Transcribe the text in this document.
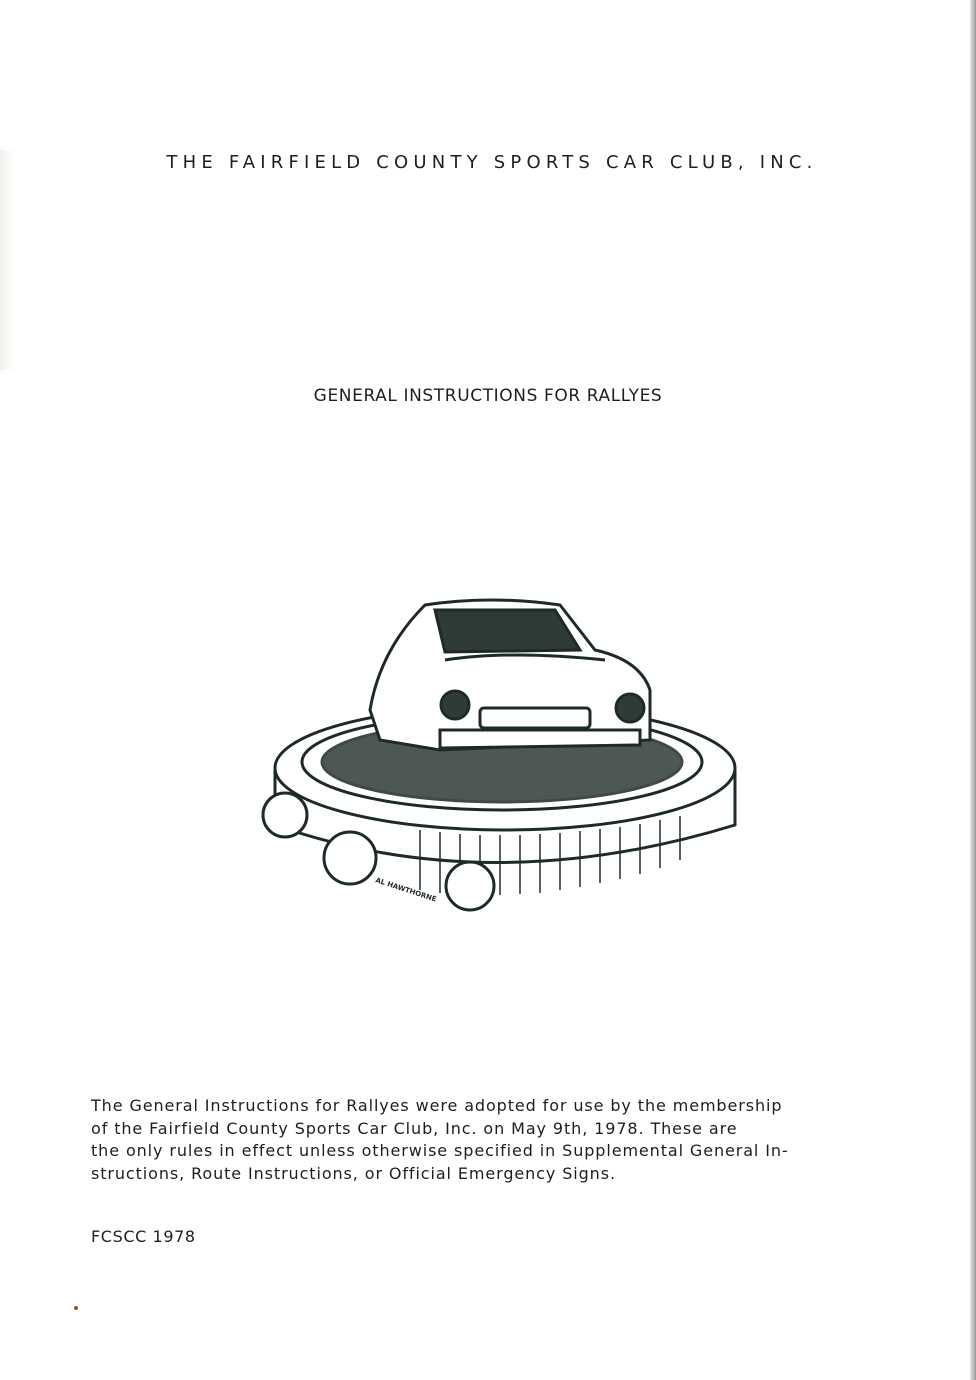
THE FAIRFIELD COUNTY SPORTS CAR CLUB, INC.
GENERAL INSTRUCTIONS FOR RALLYES
AL HAWTHORNE
The General Instructions for Rallyes were adopted for use by the membership
of the Fairfield County Sports Car Club, Inc. on May 9th, 1978. These are
the only rules in effect unless otherwise specified in Supplemental General In-
structions, Route Instructions, or Official Emergency Signs.
FCSCC 1978
